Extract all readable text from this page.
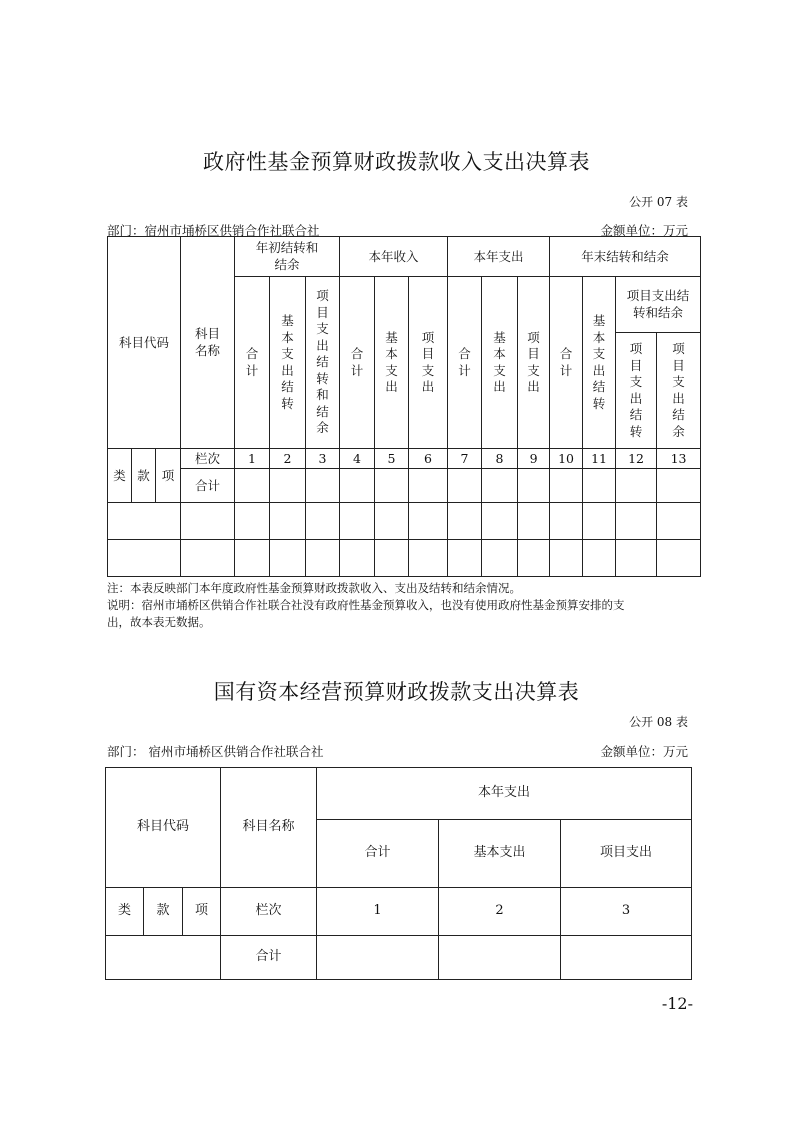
政府性基金预算财政拨款收入支出决算表
公开 07 表
部门：宿州市埇桥区供销合作社联合社	金额单位：万元
科目代码			科目名称	年初结转和结余			本年收入			本年支出			年末结转和结余			
				合计	基本支出结转	项目支出结转和结余	合计	基本支出	项目支出	合计	基本支出	项目支出	合计	基本支出结转	项目支出结转和结余	
															项目支出结转	项目支出结余
类	款	项	栏次	1	2	3	4	5	6	7	8	9	10	11	12	13
			合计													

注：本表反映部门本年度政府性基金预算财政拨款收入、支出及结转和结余情况。
说明：宿州市埇桥区供销合作社联合社没有政府性基金预算收入，也没有使用政府性基金预算安排的支
出，故本表无数据。
国有资本经营预算财政拨款支出决算表
公开 08 表
部门： 宿州市埇桥区供销合作社联合社	金额单位：万元
科目代码			科目名称	本年支出		
				合计	基本支出	项目支出
类	款	项	栏次	1	2	3
			合计			
-12-
